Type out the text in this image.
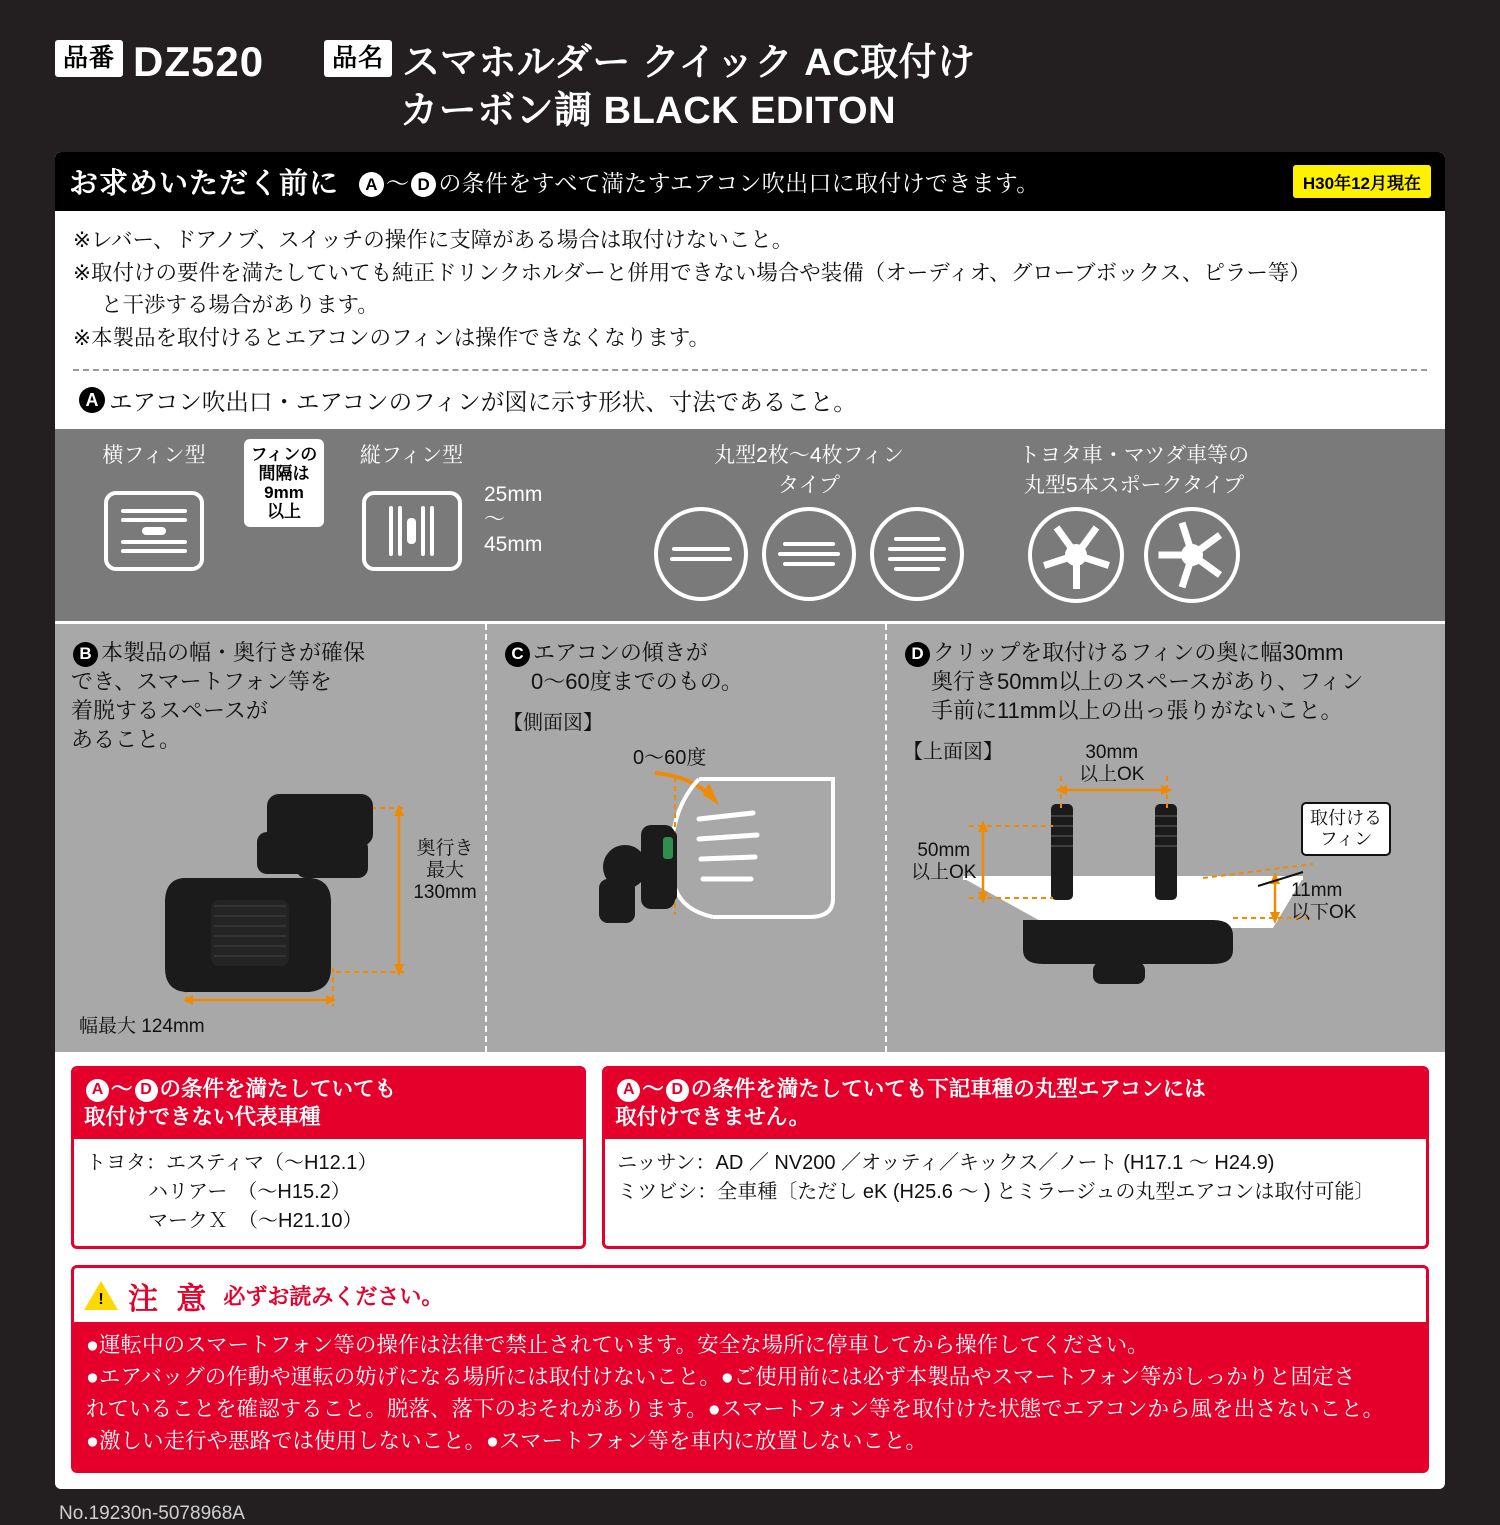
品番 DZ520	品名 スマホルダー クイック AC取付け
カーボン調 BLACK EDITON
お求めいただく前に	A 〜 D の条件をすべて満たすエアコン吹出口に取付けできます。	H30年12月現在
※レバー、ドアノブ、スイッチの操作に支障がある場合は取付けないこと。
※取付けの要件を満たしていても純正ドリンクホルダーと併用できない場合や装備（オーディオ、グローブボックス、ピラー等）
と干渉する場合があります。
※本製品を取付けるとエアコンのフィンは操作できなくなります。
A エアコン吹出口・エアコンのフィンが図に示す形状、寸法であること。
横フィン型	フィンの
間隔は
9mm
以上
縦フィン型
25mm
〜
45mm
丸型2枚〜4枚フィン
タイプ
トヨタ車・マツダ車等の
丸型5本スポークタイプ
B 本製品の幅・奥行きが確保
でき、スマートフォン等を
着脱するスペースが
あること。
奥行き
最大
130mm
幅最大 124mm
C エアコンの傾きが
0〜60度までのもの。
【側面図】
0〜60度
D クリップを取付けるフィンの奥に幅30mm
奥行き50mm以上のスペースがあり、フィン
手前に11mm以上の出っ張りがないこと。
【上面図】	30mm
以上OK
50mm
以上OK
11mm
以下OK
取付ける
フィン
A 〜 D の条件を満たしていても
取付けできない代表車種
トヨタ：エスティマ（〜H12.1）
ハリアー　（〜H15.2）
マークＸ　（〜H21.10）
A 〜 D の条件を満たしていても下記車種の丸型エアコンには
取付けできません。
ニッサン：AD ／ NV200 ／オッティ／キックス／ノート (H17.1 〜 H24.9)
ミツビシ：全車種〔ただし eK (H25.6 〜 ) とミラージュの丸型エアコンは取付可能〕
! 注 意 必ずお読みください。
●運転中のスマートフォン等の操作は法律で禁止されています。安全な場所に停車してから操作してください。
●エアバッグの作動や運転の妨げになる場所には取付けないこと。●ご使用前には必ず本製品やスマートフォン等がしっかりと固定さ
れていることを確認すること。脱落、落下のおそれがあります。●スマートフォン等を取付けた状態でエアコンから風を出さないこと。
●激しい走行や悪路では使用しないこと。●スマートフォン等を車内に放置しないこと。
No.19230n-5078968A
